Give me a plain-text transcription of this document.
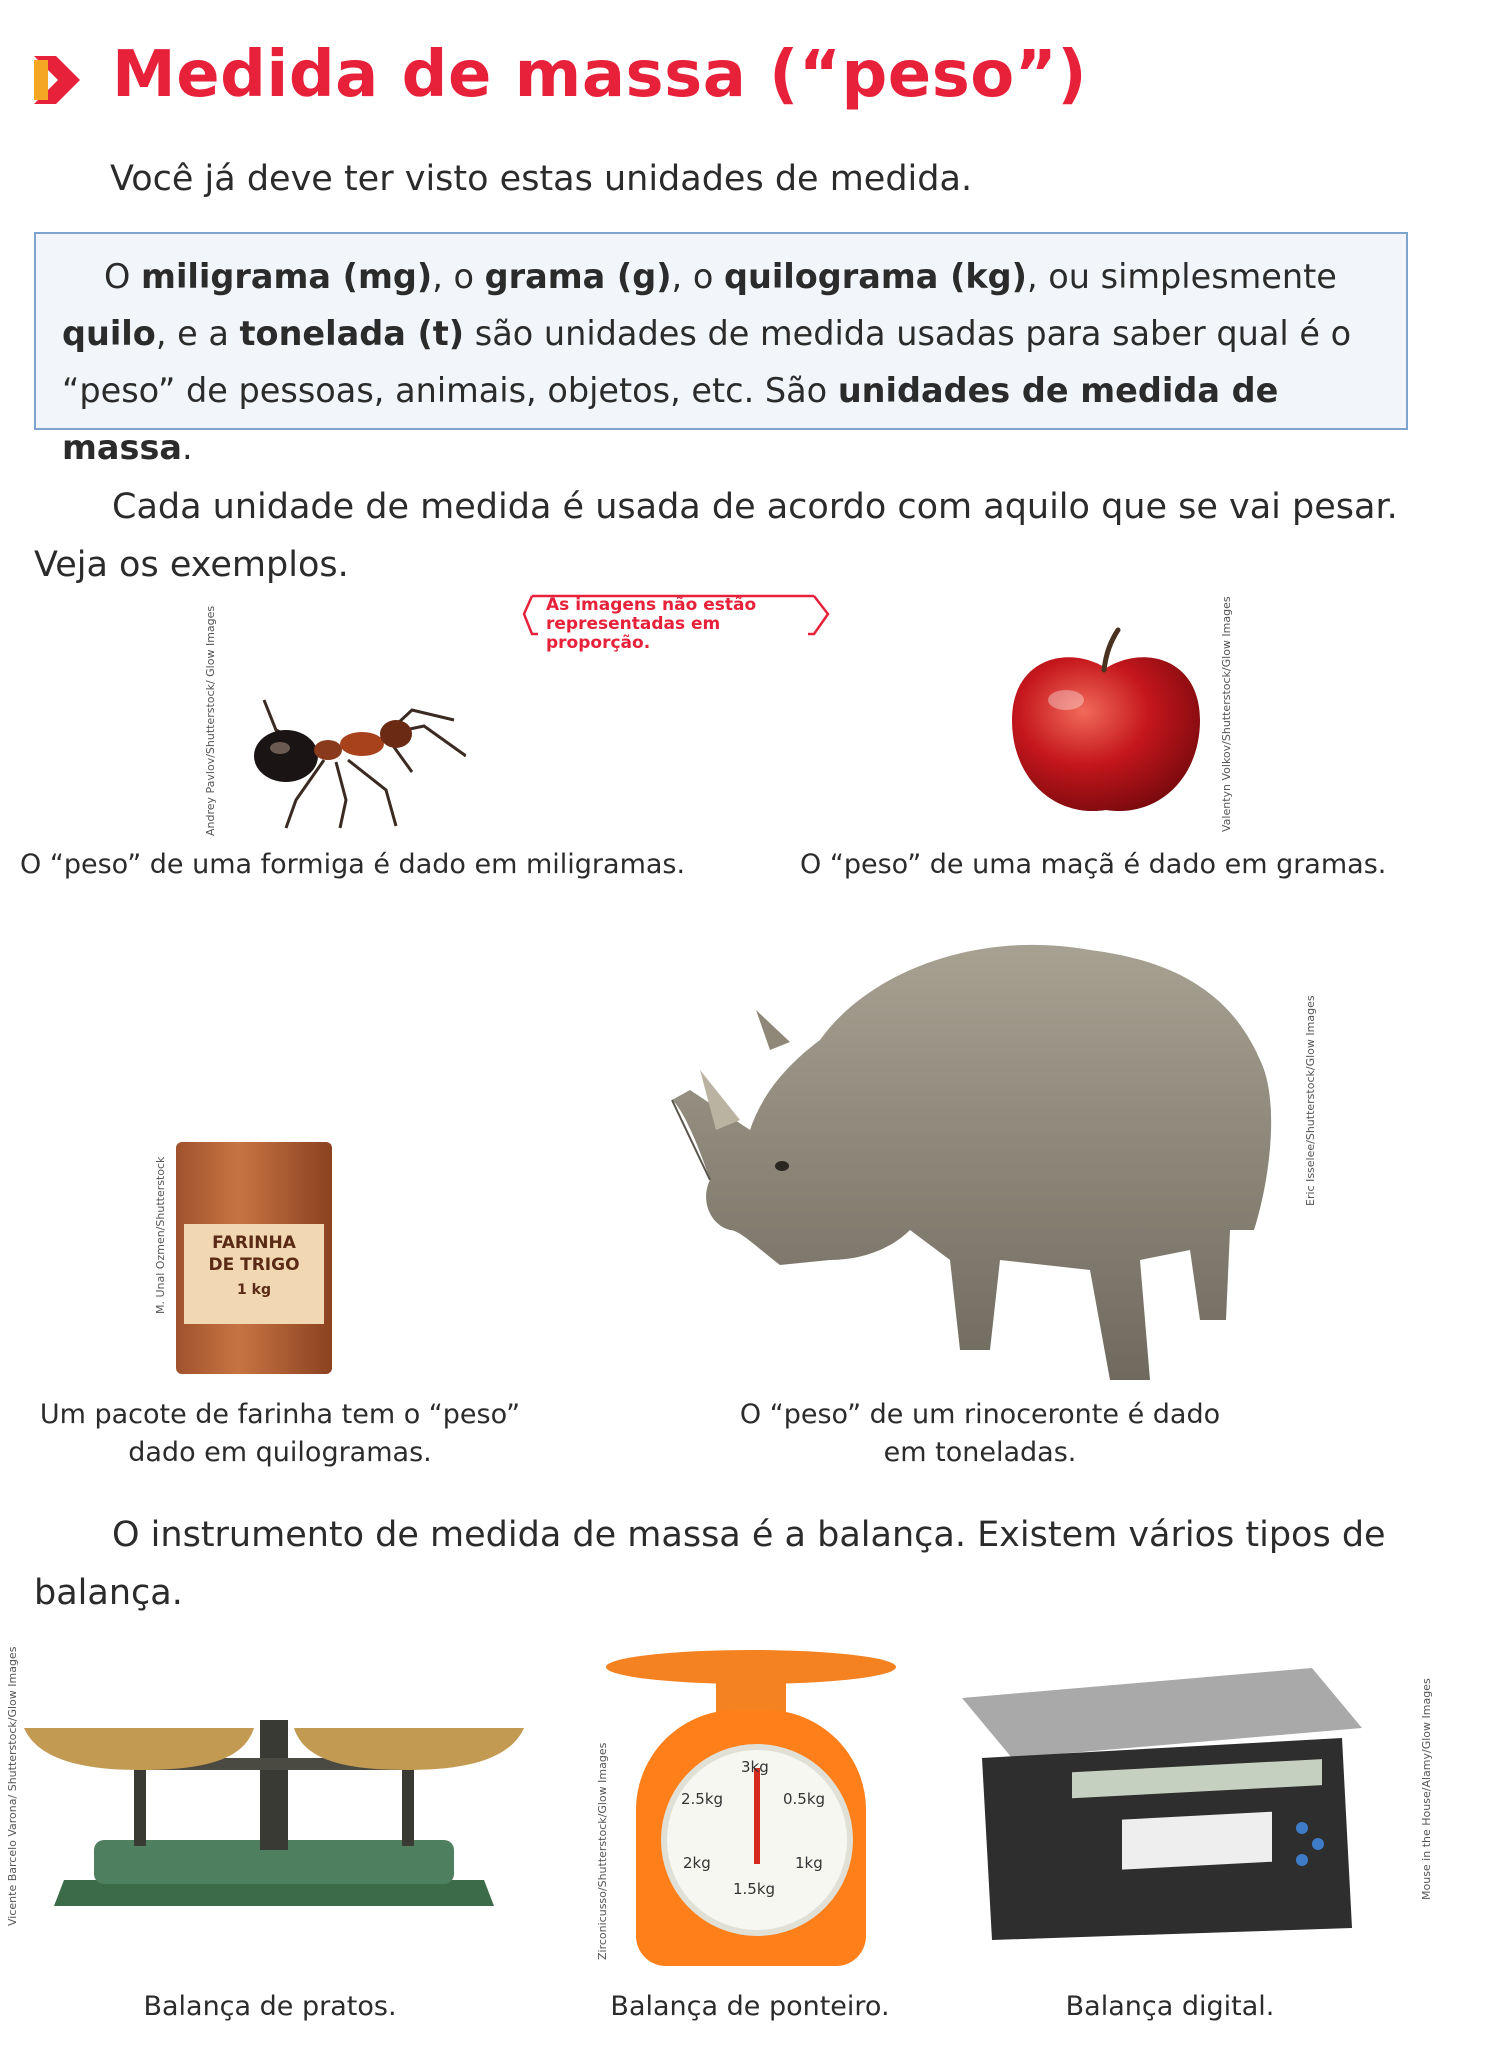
Medida de massa (“peso”)
Você já deve ter visto estas unidades de medida.
O miligrama (mg), o grama (g), o quilograma (kg), ou simplesmente quilo, e a tonelada (t) são unidades de medida usadas para saber qual é o “peso” de pessoas, animais, objetos, etc. São unidades de medida de massa.
Cada unidade de medida é usada de acordo com aquilo que se vai pesar. Veja os exemplos.
As imagens não estão representadas em proporção.
Andrey Pavlov/Shutterstock/ Glow Images	Valentyn Volkov/Shutterstock/Glow Images
O “peso” de uma formiga é dado em miligramas.	O “peso” de uma maçã é dado em gramas.
FARINHA
DE TRIGO
1 kg
M. Unal Ozmen/Shutterstock
Eric Isselee/Shutterstock/Glow Images
Um pacote de farinha tem o “peso” dado em quilogramas.
O “peso” de um rinoceronte é dado em toneladas.
O instrumento de medida de massa é a balança. Existem vários tipos de balança.
Vicente Barcelo Varona/ Shutterstock/Glow Images	3kg
2.5kg	0.5kg
2kg	1kg
1.5kg
Zirconicusso/Shutterstock/Glow Images	Mouse in the House/Alamy/Glow Images
Balança de pratos.	Balança de ponteiro.	Balança digital.
